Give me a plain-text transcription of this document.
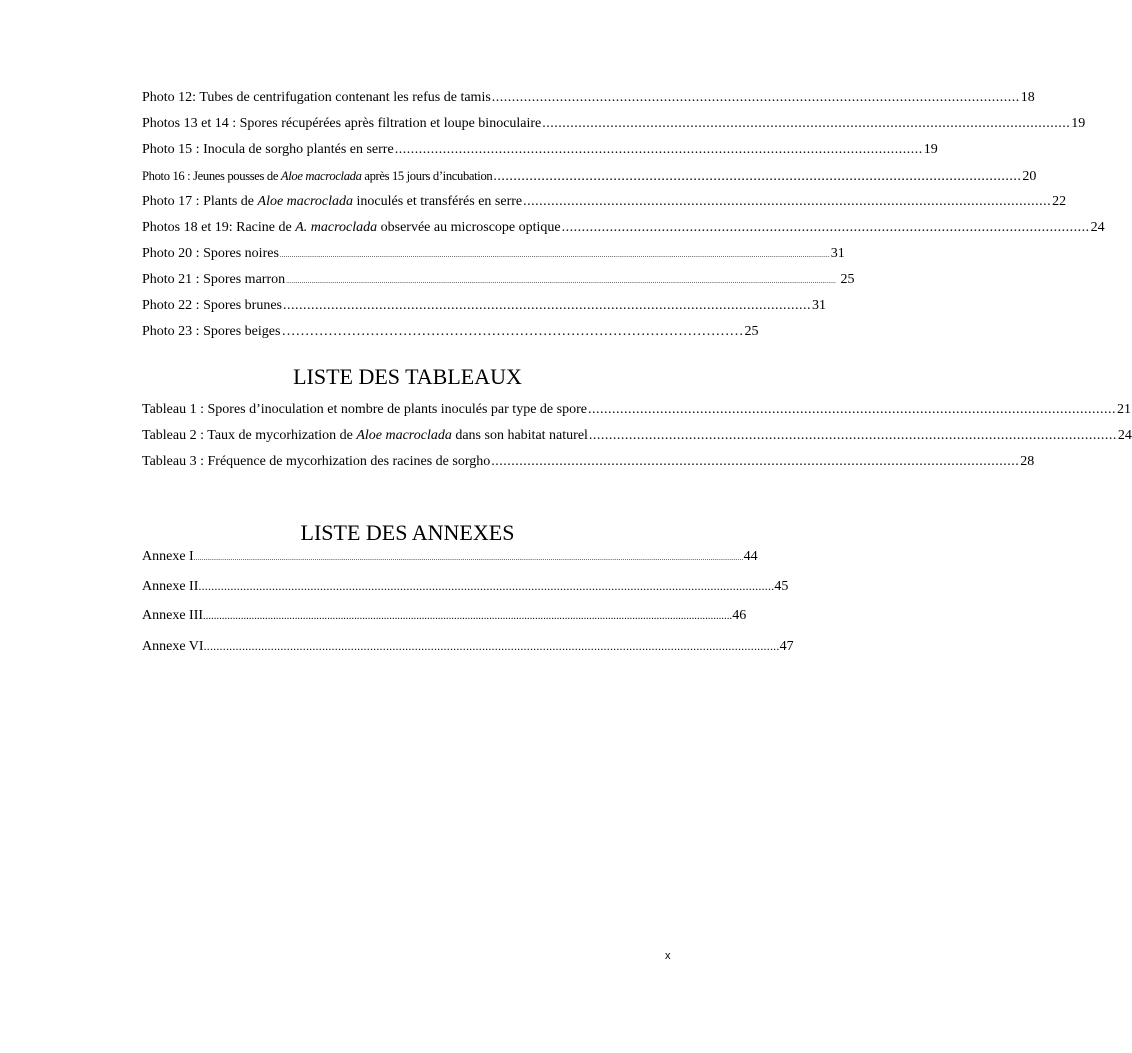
Photo 12: Tubes de centrifugation contenant les refus de tamis .................................................................................................................................... 18
Photos 13 et 14 : Spores récupérées après filtration et loupe binoculaire .................................................................................................................................... 19
Photo 15 : Inocula de sorgho plantés en serre .................................................................................................................................... 19
Photo 16 : Jeunes pousses de Aloe macroclada après 15 jours d’incubation .................................................................................................................................... 20
Photo 17 : Plants de Aloe macroclada inoculés et transférés en serre .................................................................................................................................... 22
Photos 18 et 19: Racine de A. macroclada observée au microscope optique .................................................................................................................................... 24
Photo 20 : Spores noires .......................................................................................................................................................................................................................................................................................... 31
Photo 21 : Spores marron .......................................................................................................................................................................................................................................................................................... 25
Photo 22 : Spores brunes .................................................................................................................................... 31
Photo 23 : Spores beiges ……………………………………………………………………………………… 25
LISTE DES TABLEAUX
Tableau 1 : Spores d’inoculation et nombre de plants inoculés par type de spore .................................................................................................................................... 21
Tableau 2 : Taux de mycorhization de Aloe macroclada dans son habitat naturel .................................................................................................................................... 24
Tableau 3 : Fréquence de mycorhization des racines de sorgho .................................................................................................................................... 28
LISTE DES ANNEXES
Annexe I .......................................................................................................................................................................................................................................................................................... 44
Annexe II .................................................................................................................................................................................... 45
Annexe III .................................................................................................................................................................................................... 46
Annexe VI .................................................................................................................................................................................... 47
x
